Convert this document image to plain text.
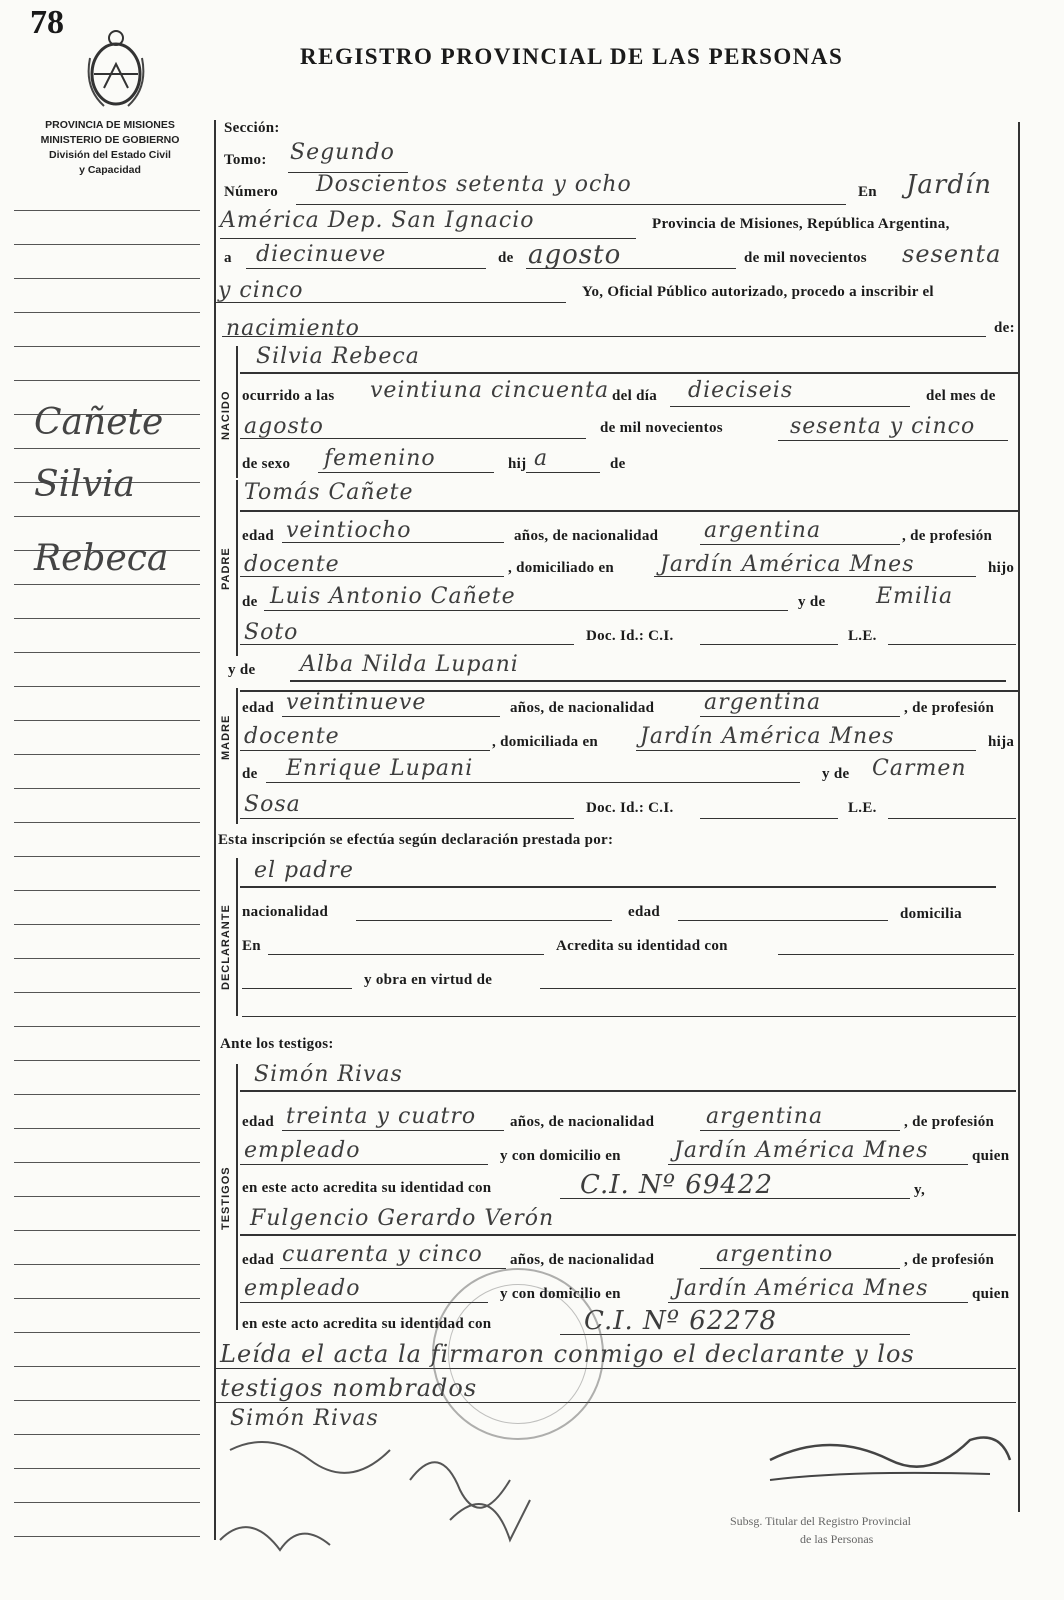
78
REGISTRO PROVINCIAL DE LAS PERSONAS
PROVINCIA DE MISIONES
MINISTERIO DE GOBIERNO
División del Estado Civil
y Capacidad
Cañete
Silvia
Rebeca
Sección:
Tomo: Segundo
Número Doscientos setenta y ocho	En Jardín
América Dep. San Ignacio	Provincia de Misiones, República Argentina,
a diecinueve	de agosto	de mil novecientos sesenta
y cinco	Yo, Oficial Público autorizado, procedo a inscribir el
nacimiento	de:
NACIDO
Silvia Rebeca
ocurrido a las veintiuna cincuenta del día dieciseis	del mes de
agosto	de mil novecientos	sesenta y cinco
de sexo femenino	hij a	de
PADRE
Tomás Cañete
edad veintiocho	años, de nacionalidad argentina	, de profesión
docente	, domiciliado en Jardín América Mnes	hijo
de Luis Antonio Cañete	y de Emilia
Soto	Doc. Id.: C.I.	L.E.
y de Alba Nilda Lupani
MADRE
edad veintinueve	años, de nacionalidad argentina	, de profesión
docente	, domiciliada en Jardín América Mnes	hija
de Enrique Lupani	y de Carmen
Sosa	Doc. Id.: C.I.	L.E.
Esta inscripción se efectúa según declaración prestada por:
DECLARANTE
el padre
nacionalidad	edad	domicilia
En	Acredita su identidad con
y obra en virtud de
Ante los testigos:
TESTIGOS
Simón Rivas
edad treinta y cuatro años, de nacionalidad argentina	, de profesión
empleado	y con domicilio en Jardín América Mnes	quien
en este acto acredita su identidad con	C.I. Nº 69422	y,
Fulgencio Gerardo Verón
edad cuarenta y cinco años, de nacionalidad	argentino	, de profesión
empleado	y con domicilio en Jardín América Mnes	quien
en este acto acredita su identidad con	C.I. Nº 62278
Leída el acta la firmaron conmigo el declarante y los
testigos nombrados
Simón Rivas
Subsg. Titular del Registro Provincial
de las Personas
